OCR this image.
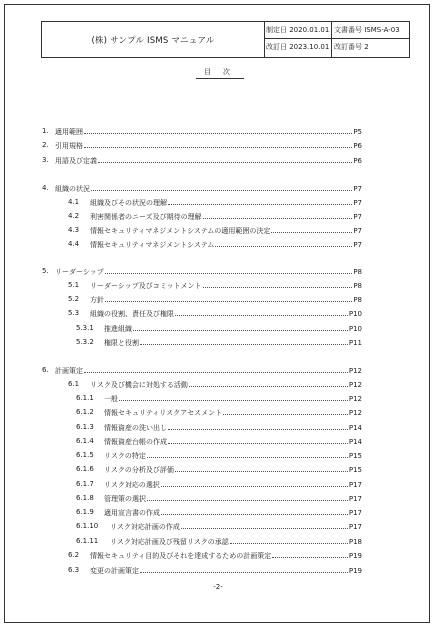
(株) サンプル ISMS マニュアル
制定日 2020.01.01 文書番号 ISMS-A-03
改訂日 2023.10.01 改訂番号 2
目次
1. 適用範囲	P5
2. 引用規格	P6
3. 用語及び定義	P6
4. 組織の状況	P7
4.1 組織及びその状況の理解	P7
4.2 利害関係者のニーズ及び期待の理解	P7
4.3 情報セキュリティマネジメントシステムの適用範囲の決定	P7
4.4 情報セキュリティマネジメントシステム	P7
5. リーダーシップ	P8
5.1 リーダーシップ及びコミットメント	P8
5.2 方針	P8
5.3 組織の役割、責任及び権限	P10
5.3.1 推進組織	P10
5.3.2 権限と役割	P11
6. 計画策定	P12
6.1 リスク及び機会に対処する活動	P12
6.1.1 一般	P12
6.1.2 情報セキュリティリスクアセスメント	P12
6.1.3 情報資産の洗い出し	P14
6.1.4 情報資産台帳の作成	P14
6.1.5 リスクの特定	P15
6.1.6 リスクの分析及び評価	P15
6.1.7 リスク対応の選択	P17
6.1.8 管理策の選択	P17
6.1.9 適用宣言書の作成	P17
6.1.10 リスク対応計画の作成	P17
6.1.11 リスク対応計画及び残留リスクの承認	P18
6.2 情報セキュリティ目的及びそれを達成するための計画策定	P19
6.3 変更の計画策定	P19
-2-
